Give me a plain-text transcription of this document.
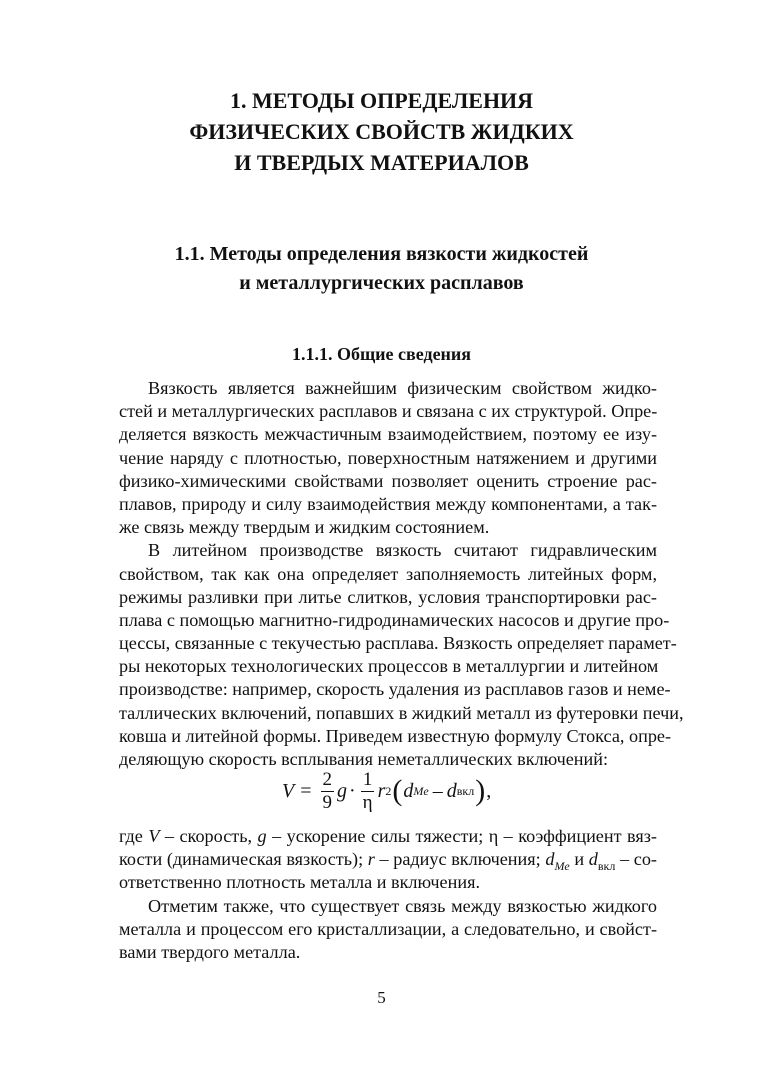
1. МЕТОДЫ ОПРЕДЕЛЕНИЯ
ФИЗИЧЕСКИХ СВОЙСТВ ЖИДКИХ
И ТВЕРДЫХ МАТЕРИАЛОВ
1.1. Методы определения вязкости жидкостей
и металлургических расплавов
1.1.1. Общие сведения
Вязкость является важнейшим физическим свойством жидко-
стей и металлургических расплавов и связана с их структурой. Опре-
деляется вязкость межчастичным взаимодействием, поэтому ее изу-
чение наряду с плотностью, поверхностным натяжением и другими
физико-химическими свойствами позволяет оценить строение рас-
плавов, природу и силу взаимодействия между компонентами, а так-
же связь между твердым и жидким состоянием.
В литейном производстве вязкость считают гидравлическим
свойством, так как она определяет заполняемость литейных форм,
режимы разливки при литье слитков, условия транспортировки рас-
плава с помощью магнитно-гидродинамических насосов и другие про-
цессы, связанные с текучестью расплава. Вязкость определяет парамет-
ры некоторых технологических процессов в металлургии и литейном
производстве: например, скорость удаления из расплавов газов и неме-
таллических включений, попавших в жидкий металл из футеровки печи,
ковша и литейной формы. Приведем известную формулу Стокса, опре-
деляющую скорость всплывания неметаллических включений:
$V = \frac{2}{9}$ $g \cdot \frac{1}{\eta}$ r 2 ( d Me – d вкл ) ,
где V – скорость, g – ускорение силы тяжести; η – коэффициент вяз-
кости (динамическая вязкость); r – радиус включения; $d_{Me}$ и $d_{вкл} - со-$
ответственно плотность металла и включения.
Отметим также, что существует связь между вязкостью жидкого
металла и процессом его кристаллизации, а следовательно, и свойст-
вами твердого металла.
5
